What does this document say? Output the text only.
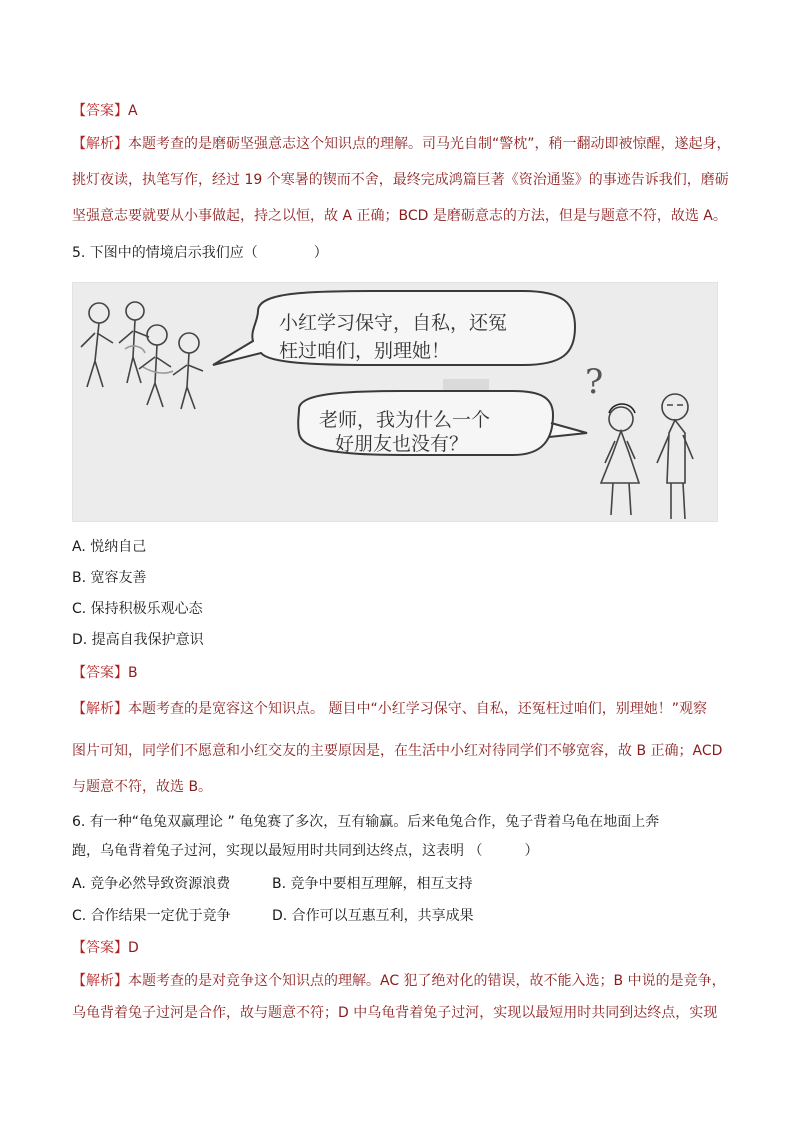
【答案】A
【解析】本题考查的是磨砺坚强意志这个知识点的理解。司马光自制“警枕”，稍一翻动即被惊醒，遂起身，
挑灯夜读，执笔写作，经过 19 个寒暑的锲而不舍，最终完成鸿篇巨著《资治通鉴》的事迹告诉我们，磨砺
坚强意志要就要从小事做起，持之以恒，故 A 正确；BCD 是磨砺意志的方法，但是与题意不符，故选 A。
5. 下图中的情境启示我们应（　　　　）
小红学习保守，自私，还冤
枉过咱们，别理她！
老师，我为什么一个
好朋友也没有？
?
A. 悦纳自己
B. 宽容友善
C. 保持积极乐观心态
D. 提高自我保护意识
【答案】B
【解析】本题考查的是宽容这个知识点。 题目中“小红学习保守、自私，还冤枉过咱们，别理她！”观察
图片可知，同学们不愿意和小红交友的主要原因是，在生活中小红对待同学们不够宽容，故 B 正确；ACD
与题意不符，故选 B。
6. 有一种“龟兔双赢理论 ” 龟兔赛了多次，互有输赢。后来龟兔合作，兔子背着乌龟在地面上奔
跑，乌龟背着兔子过河，实现以最短用时共同到达终点，这表明 （　　　）
A. 竞争必然导致资源浪费	B. 竞争中要相互理解，相互支持
C. 合作结果一定优于竞争	D. 合作可以互惠互利，共享成果
【答案】D
【解析】本题考查的是对竞争这个知识点的理解。AC 犯了绝对化的错误，故不能入选；B 中说的是竞争，
乌龟背着兔子过河是合作，故与题意不符；D 中乌龟背着兔子过河，实现以最短用时共同到达终点，实现
